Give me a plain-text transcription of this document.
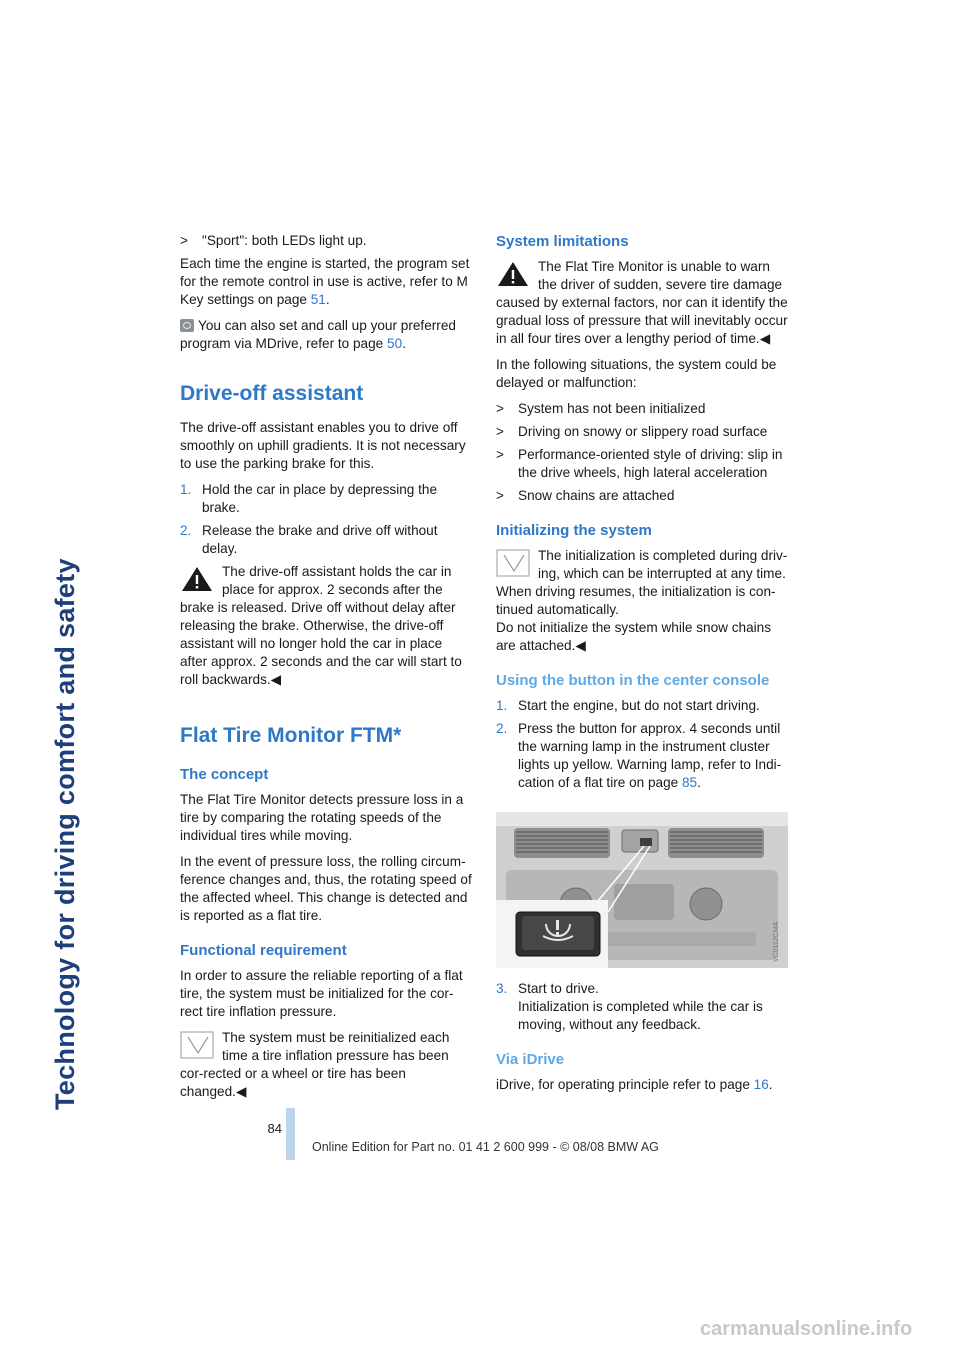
Technology for driving comfort and safety
>	"Sport": both LEDs light up.

Each time the engine is started, the program set for the remote control in use is active, refer to M Key settings on page 51.

You can also set and call up your preferred program via MDrive, refer to page 50.

Drive-off assistant

The drive-off assistant enables you to drive off smoothly on uphill gradients. It is not necessary to use the parking brake for this.

1. Hold the car in place by depressing the brake.
2. Release the brake and drive off without delay.
The drive-off assistant holds the car in place for approx. 2 seconds after the brake is released. Drive off without delay after releasing the brake. Otherwise, the drive-off assistant will no longer hold the car in place after approx. 2 seconds and the car will start to roll backwards.◀
Flat Tire Monitor FTM*
The concept

The Flat Tire Monitor detects pressure loss in a tire by comparing the rotating speeds of the individual tires while moving.

In the event of pressure loss, the rolling circum-ference changes and, thus, the rotating speed of the affected wheel. This change is detected and is reported as a flat tire.

Functional requirement

In order to assure the reliable reporting of a flat tire, the system must be initialized for the cor-rect tire inflation pressure.

The system must be reinitialized each time a tire inflation pressure has been cor-rected or a wheel or tire has been changed.◀
System limitations
The Flat Tire Monitor is unable to warn the driver of sudden, severe tire damage caused by external factors, nor can it identify the gradual loss of pressure that will inevitably occur in all four tires over a lengthy period of time.◀

In the following situations, the system could be delayed or malfunction:

>	System has not been initialized
>	Driving on snowy or slippery road surface
>	Performance-oriented style of driving: slip in the drive wheels, high lateral acceleration
>	Snow chains are attached
Initializing the system
The initialization is completed during driv-ing, which can be interrupted at any time. When driving resumes, the initialization is con-tinued automatically.
Do not initialize the system while snow chains are attached.◀
Using the button in the center console
1. Start the engine, but do not start driving.
2. Press the button for approx. 4 seconds until the warning lamp in the instrument cluster lights up yellow. Warning lamp, refer to Indi-cation of a flat tire on page 85.
VC0112CMA
3. Start to drive.
Initialization is completed while the car is moving, without any feedback.
Via iDrive

iDrive, for operating principle refer to page 16.

84
Online Edition for Part no. 01 41 2 600 999 - © 08/08 BMW AG
carmanualsonline.info
